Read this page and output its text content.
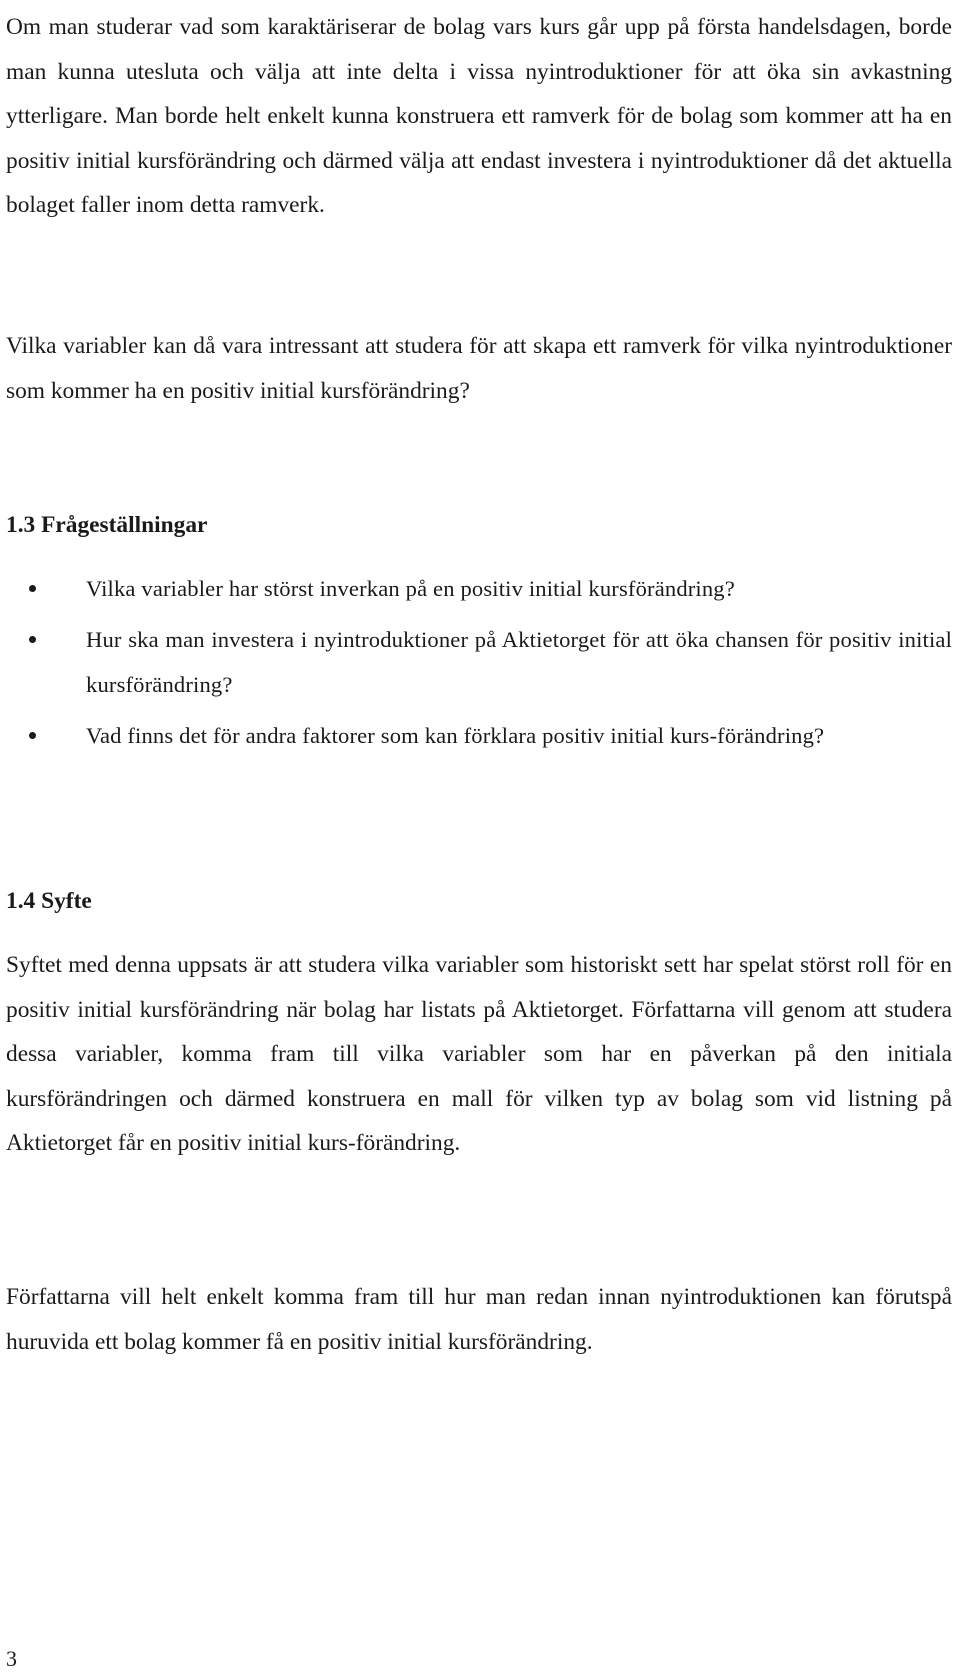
Om man studerar vad som karaktäriserar de bolag vars kurs går upp på första handelsdagen, borde man kunna utesluta och välja att inte delta i vissa nyintroduktioner för att öka sin avkastning ytterligare. Man borde helt enkelt kunna konstruera ett ramverk för de bolag som kommer att ha en positiv initial kursförändring och därmed välja att endast investera i nyintroduktioner då det aktuella bolaget faller inom detta ramverk.

Vilka variabler kan då vara intressant att studera för att skapa ett ramverk för vilka nyintroduktioner som kommer ha en positiv initial kursförändring?

1.3 Frågeställningar
Vilka variabler har störst inverkan på en positiv initial kursförändring?
Hur ska man investera i nyintroduktioner på Aktietorget för att öka chansen för positiv initial kursförändring?
Vad finns det för andra faktorer som kan förklara positiv initial kurs-förändring?
1.4 Syfte

Syftet med denna uppsats är att studera vilka variabler som historiskt sett har spelat störst roll för en positiv initial kursförändring när bolag har listats på Aktietorget. Författarna vill genom att studera dessa variabler, komma fram till vilka variabler som har en påverkan på den initiala kursförändringen och därmed konstruera en mall för vilken typ av bolag som vid listning på Aktietorget får en positiv initial kurs-förändring.

Författarna vill helt enkelt komma fram till hur man redan innan nyintroduktionen kan förutspå huruvida ett bolag kommer få en positiv initial kursförändring.

3
